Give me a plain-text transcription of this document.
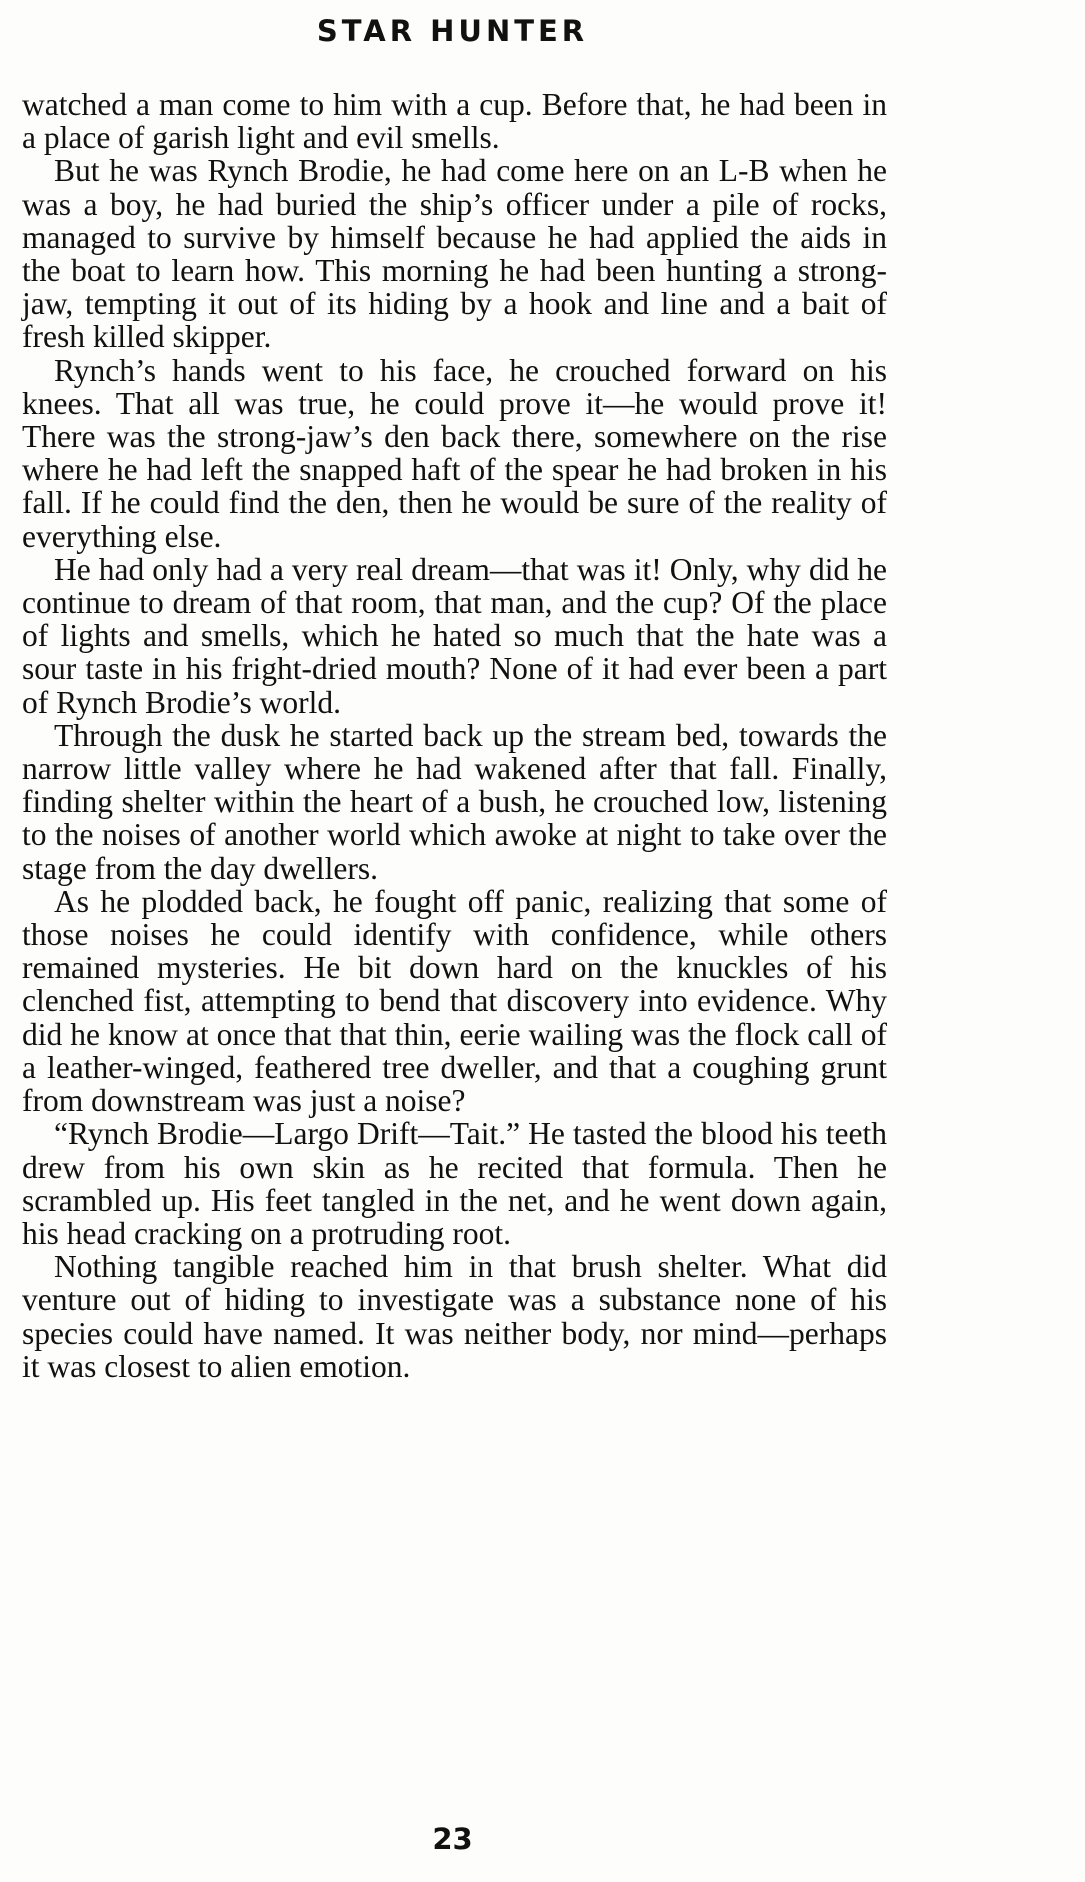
STAR HUNTER

watched a man come to him with a cup. Before that, he had been in a place of garish light and evil smells.

But he was Rynch Brodie, he had come here on an L-B when he was a boy, he had buried the ship’s officer under a pile of rocks, managed to survive by himself because he had applied the aids in the boat to learn how. This morning he had been hunting a strong-jaw, tempting it out of its hiding by a hook and line and a bait of fresh killed skipper.

Rynch’s hands went to his face, he crouched forward on his knees. That all was true, he could prove it—he would prove it! There was the strong-jaw’s den back there, somewhere on the rise where he had left the snapped haft of the spear he had broken in his fall. If he could find the den, then he would be sure of the reality of everything else.

He had only had a very real dream—that was it! Only, why did he continue to dream of that room, that man, and the cup? Of the place of lights and smells, which he hated so much that the hate was a sour taste in his fright-dried mouth? None of it had ever been a part of Rynch Brodie’s world.

Through the dusk he started back up the stream bed, towards the narrow little valley where he had wakened after that fall. Finally, finding shelter within the heart of a bush, he crouched low, listening to the noises of another world which awoke at night to take over the stage from the day dwellers.

As he plodded back, he fought off panic, realizing that some of those noises he could identify with confidence, while others remained mysteries. He bit down hard on the knuckles of his clenched fist, attempting to bend that discovery into evidence. Why did he know at once that that thin, eerie wailing was the flock call of a leather-winged, feathered tree dweller, and that a coughing grunt from downstream was just a noise?

“Rynch Brodie—Largo Drift—Tait.” He tasted the blood his teeth drew from his own skin as he recited that formula. Then he scrambled up. His feet tangled in the net, and he went down again, his head cracking on a protruding root.

Nothing tangible reached him in that brush shelter. What did venture out of hiding to investigate was a substance none of his species could have named. It was neither body, nor mind—perhaps it was closest to alien emotion.

23
